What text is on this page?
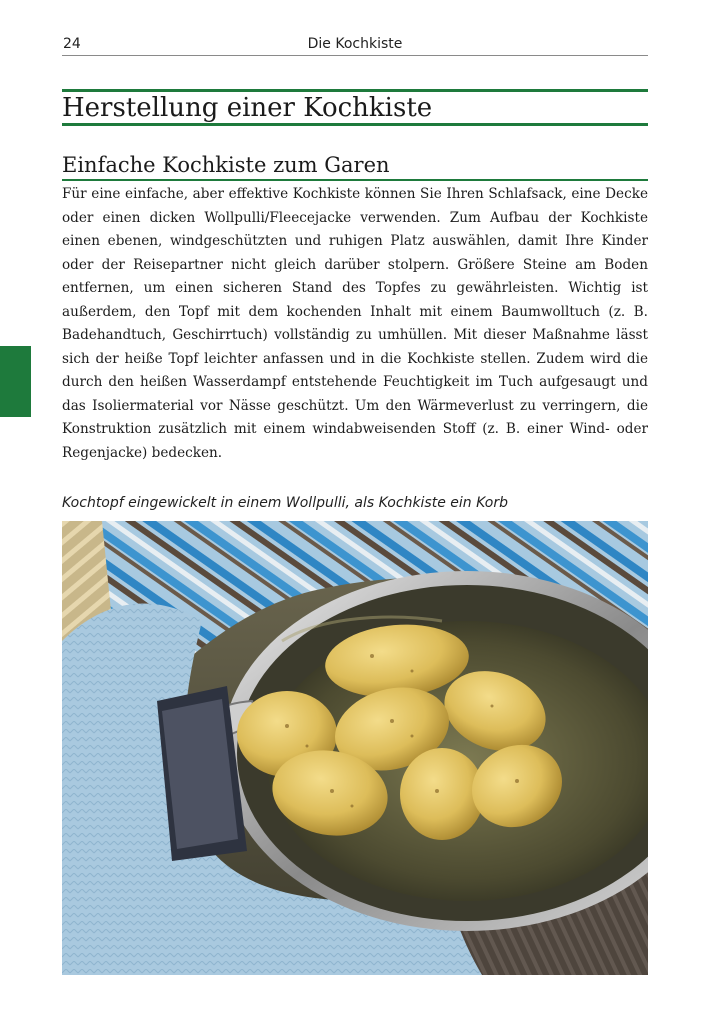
24	Die Kochkiste
Herstellung einer Kochkiste
Einfache Kochkiste zum Garen

Für eine einfache, aber effektive Kochkiste können Sie Ihren Schlafsack, eine Decke oder einen dicken Wollpulli/Fleecejacke verwenden. Zum Aufbau der Kochkiste einen ebenen, windgeschützten und ruhigen Platz auswählen, damit Ihre Kinder oder der Reisepartner nicht gleich darüber stolpern. Größere Steine am Boden entfernen, um einen sicheren Stand des Topfes zu gewährleisten. Wichtig ist außerdem, den Topf mit dem kochenden Inhalt mit einem Baumwolltuch (z. B. Badehandtuch, Geschirrtuch) vollständig zu umhüllen. Mit dieser Maßnahme lässt sich der heiße Topf leichter anfassen und in die Kochkiste stellen. Zudem wird die durch den heißen Wasserdampf entstehende Feuchtigkeit im Tuch aufgesaugt und das Isoliermaterial vor Nässe geschützt. Um den Wärmeverlust zu verringern, die Konstruktion zusätzlich mit einem windabweisenden Stoff (z. B. einer Wind- oder Regenjacke) bedecken.

Kochtopf eingewickelt in einem Wollpulli, als Kochkiste ein Korb
